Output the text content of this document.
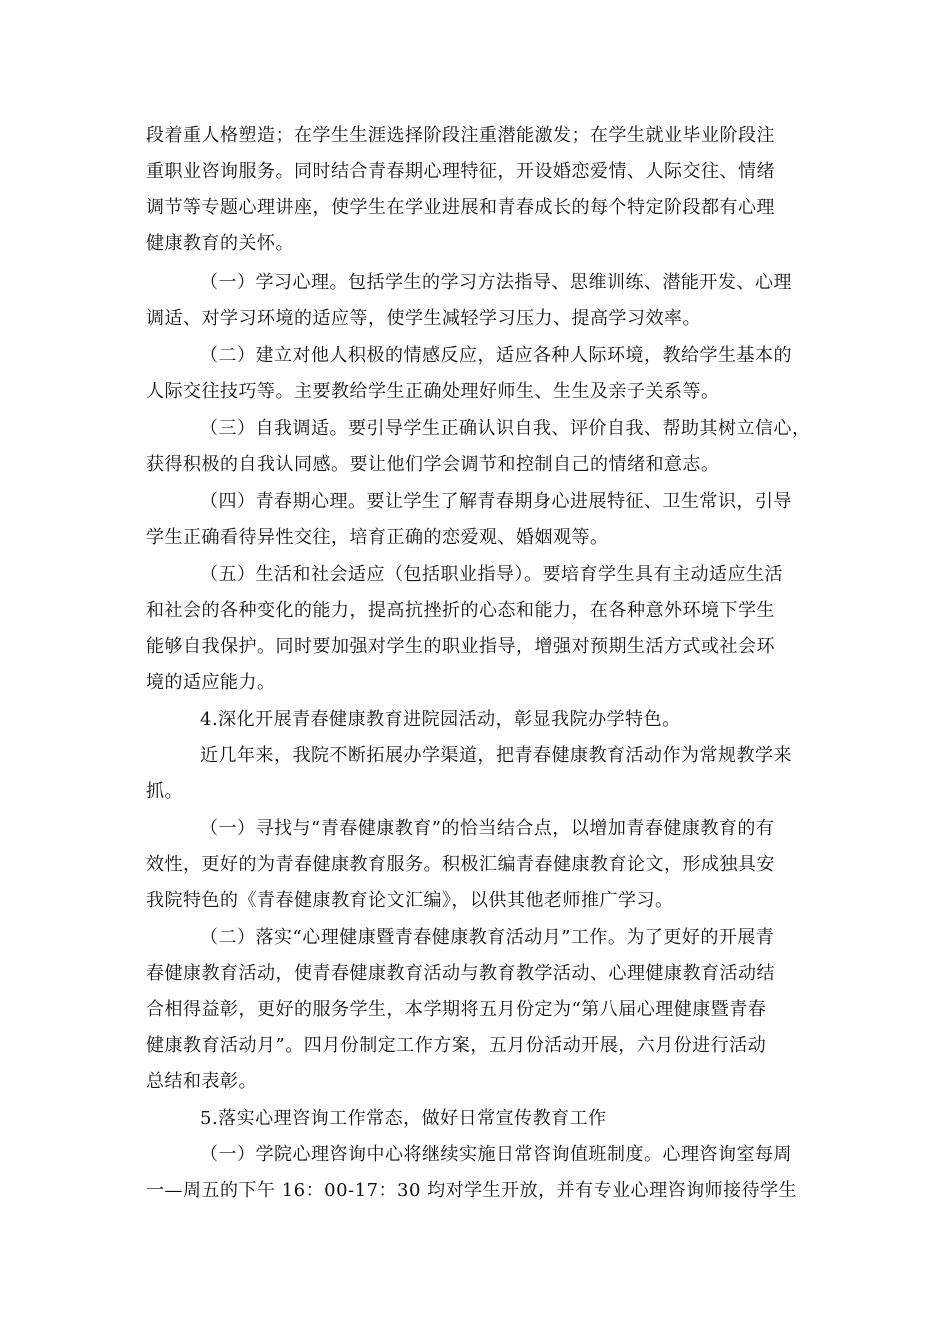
段着重人格塑造；在学生生涯选择阶段注重潜能激发；在学生就业毕业阶段注
重职业咨询服务。同时结合青春期心理特征，开设婚恋爱情、人际交往、情绪
调节等专题心理讲座，使学生在学业进展和青春成长的每个特定阶段都有心理
健康教育的关怀。
（一）学习心理。包括学生的学习方法指导、思维训练、潜能开发、心理
调适、对学习环境的适应等，使学生减轻学习压力、提高学习效率。
（二）建立对他人积极的情感反应，适应各种人际环境，教给学生基本的
人际交往技巧等。主要教给学生正确处理好师生、生生及亲子关系等。
（三）自我调适。要引导学生正确认识自我、评价自我、帮助其树立信心，
获得积极的自我认同感。要让他们学会调节和控制自己的情绪和意志。
（四）青春期心理。要让学生了解青春期身心进展特征、卫生常识，引导
学生正确看待异性交往，培育正确的恋爱观、婚姻观等。
（五）生活和社会适应（包括职业指导）。要培育学生具有主动适应生活
和社会的各种变化的能力，提高抗挫折的心态和能力，在各种意外环境下学生
能够自我保护。同时要加强对学生的职业指导，增强对预期生活方式或社会环
境的适应能力。
4.深化开展青春健康教育进院园活动，彰显我院办学特色。
近几年来，我院不断拓展办学渠道，把青春健康教育活动作为常规教学来
抓。
（一）寻找与“青春健康教育”的恰当结合点，以增加青春健康教育的有
效性，更好的为青春健康教育服务。积极汇编青春健康教育论文，形成独具安
我院特色的《青春健康教育论文汇编》，以供其他老师推广学习。
（二）落实“心理健康暨青春健康教育活动月”工作。为了更好的开展青
春健康教育活动，使青春健康教育活动与教育教学活动、心理健康教育活动结
合相得益彰，更好的服务学生，本学期将五月份定为“第八届心理健康暨青春
健康教育活动月”。四月份制定工作方案，五月份活动开展，六月份进行活动
总结和表彰。
5.落实心理咨询工作常态，做好日常宣传教育工作
（一）学院心理咨询中心将继续实施日常咨询值班制度。心理咨询室每周
一—周五的下午 16：00-17：30 均对学生开放，并有专业心理咨询师接待学生
